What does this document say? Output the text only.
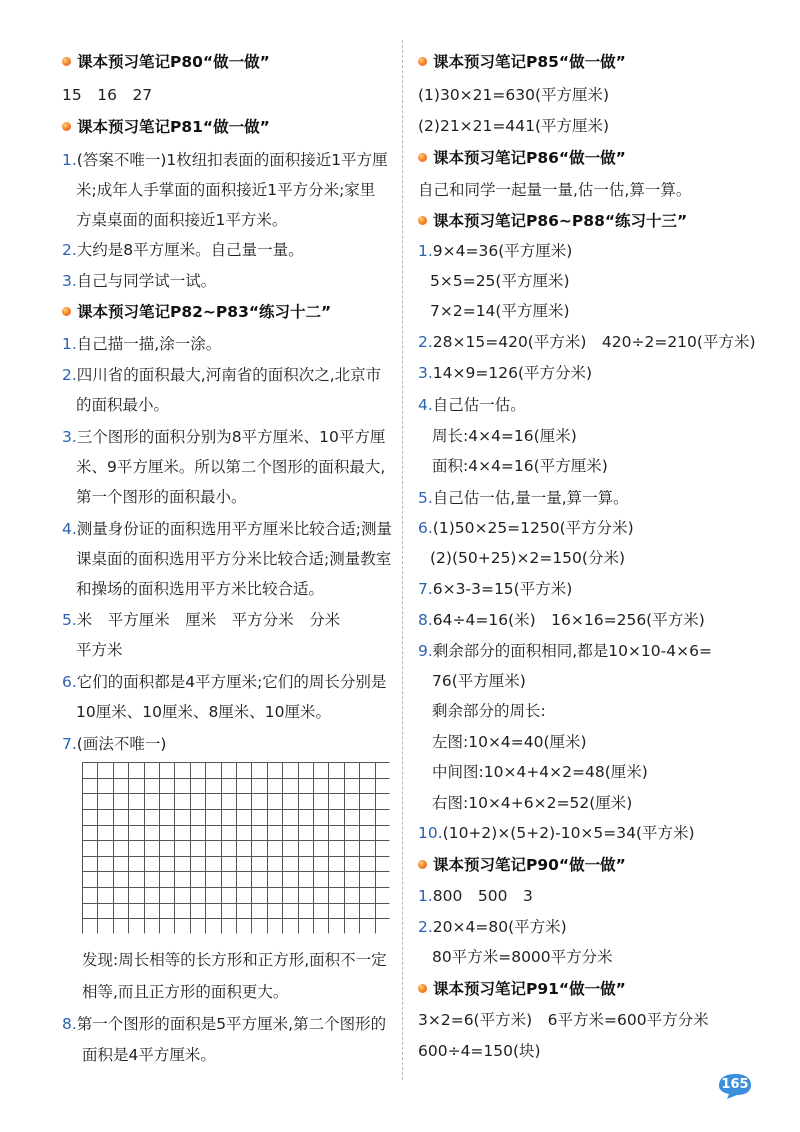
课本预习笔记P80“做一做”
15　16　27
课本预习笔记P81“做一做”
1.(答案不唯一)1枚纽扣表面的面积接近1平方厘
米;成年人手掌面的面积接近1平方分米;家里
方桌桌面的面积接近1平方米。
2.大约是8平方厘米。自己量一量。
3.自己与同学试一试。
课本预习笔记P82~P83“练习十二”
1.自己描一描,涂一涂。
2.四川省的面积最大,河南省的面积次之,北京市
的面积最小。
3.三个图形的面积分别为8平方厘米、10平方厘
米、9平方厘米。所以第二个图形的面积最大,
第一个图形的面积最小。
4.测量身份证的面积选用平方厘米比较合适;测量
课桌面的面积选用平方分米比较合适;测量教室
和操场的面积选用平方米比较合适。
5.米　平方厘米　厘米　平方分米　分米
平方米
6.它们的面积都是4平方厘米;它们的周长分别是
10厘米、10厘米、8厘米、10厘米。
7.(画法不唯一)
发现:周长相等的长方形和正方形,面积不一定
相等,而且正方形的面积更大。
8.第一个图形的面积是5平方厘米,第二个图形的
面积是4平方厘米。
课本预习笔记P85“做一做”
(1)30×21=630(平方厘米)
(2)21×21=441(平方厘米)
课本预习笔记P86“做一做”
自己和同学一起量一量,估一估,算一算。
课本预习笔记P86~P88“练习十三”
1.9×4=36(平方厘米)
5×5=25(平方厘米)
7×2=14(平方厘米)
2.28×15=420(平方米)　420÷2=210(平方米)
3.14×9=126(平方分米)
4.自己估一估。
周长:4×4=16(厘米)
面积:4×4=16(平方厘米)
5.自己估一估,量一量,算一算。
6.(1)50×25=1250(平方分米)
(2)(50+25)×2=150(分米)
7.6×3-3=15(平方米)
8.64÷4=16(米)　16×16=256(平方米)
9.剩余部分的面积相同,都是10×10-4×6=
76(平方厘米)
剩余部分的周长:
左图:10×4=40(厘米)
中间图:10×4+4×2=48(厘米)
右图:10×4+6×2=52(厘米)
10.(10+2)×(5+2)-10×5=34(平方米)
课本预习笔记P90“做一做”
1.800　500　3
2.20×4=80(平方米)
80平方米=8000平方分米
课本预习笔记P91“做一做”
3×2=6(平方米)　6平方米=600平方分米
600÷4=150(块)
165
